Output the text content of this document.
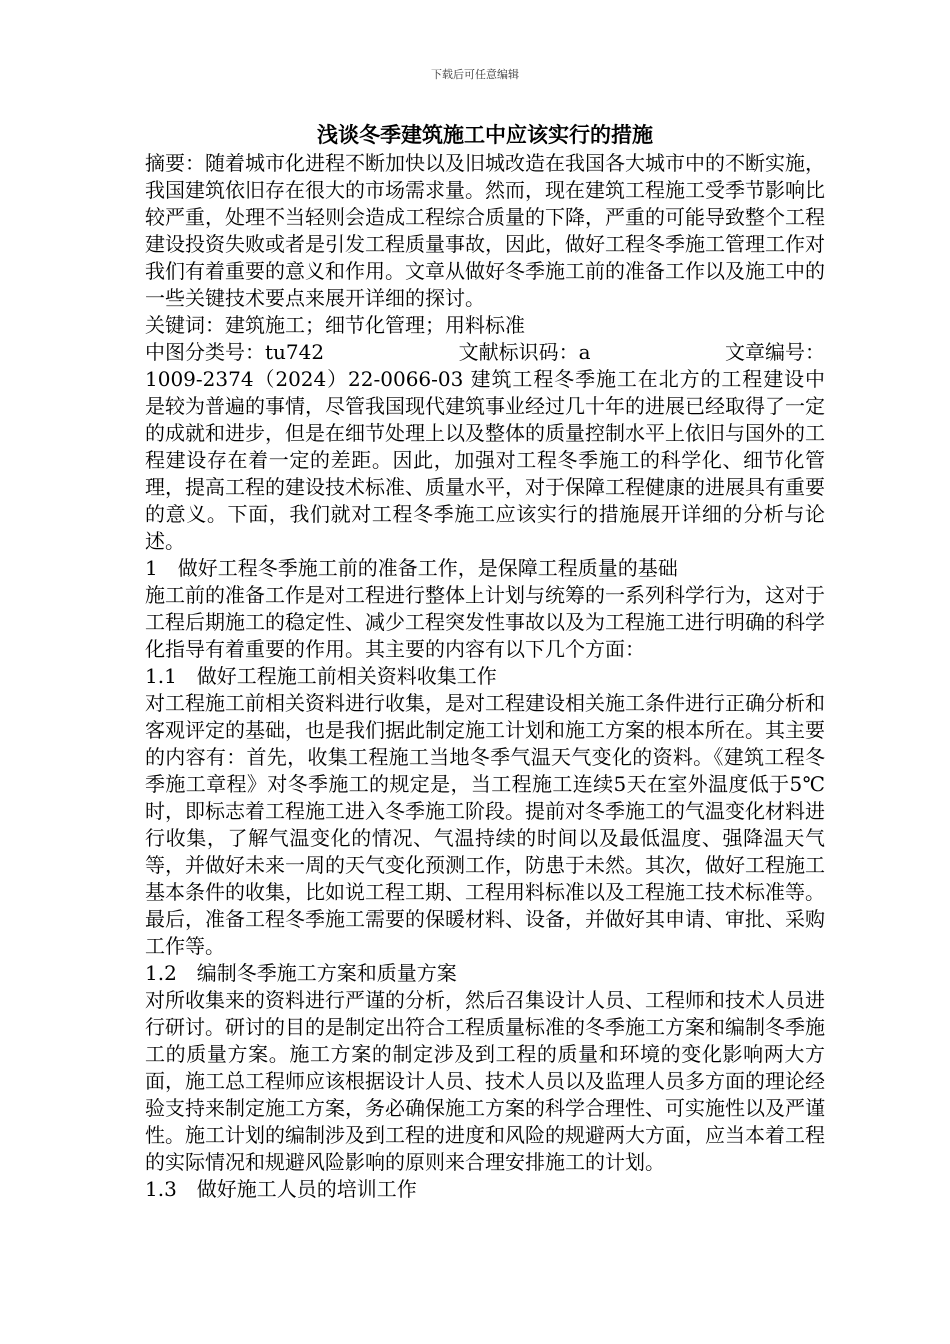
下载后可任意编辑
浅谈冬季建筑施工中应该实行的措施

摘要：随着城市化进程不断加快以及旧城改造在我国各大城市中的不断实施，我国建筑依旧存在很大的市场需求量。然而，现在建筑工程施工受季节影响比较严重，处理不当轻则会造成工程综合质量的下降，严重的可能导致整个工程建设投资失败或者是引发工程质量事故，因此，做好工程冬季施工管理工作对我们有着重要的意义和作用。文章从做好冬季施工前的准备工作以及施工中的一些关键技术要点来展开详细的探讨。

关键词：建筑施工；细节化管理；用料标准

中图分类号：tu742	文献标识码：a	文章编号：

1009-2374（2024）22-0066-03 建筑工程冬季施工在北方的工程建设中是较为普遍的事情，尽管我国现代建筑事业经过几十年的进展已经取得了一定的成就和进步，但是在细节处理上以及整体的质量控制水平上依旧与国外的工程建设存在着一定的差距。因此，加强对工程冬季施工的科学化、细节化管理，提高工程的建设技术标准、质量水平，对于保障工程健康的进展具有重要的意义。下面，我们就对工程冬季施工应该实行的措施展开详细的分析与论述。

1　做好工程冬季施工前的准备工作，是保障工程质量的基础

施工前的准备工作是对工程进行整体上计划与统筹的一系列科学行为，这对于工程后期施工的稳定性、减少工程突发性事故以及为工程施工进行明确的科学化指导有着重要的作用。其主要的内容有以下几个方面：

1.1　做好工程施工前相关资料收集工作

对工程施工前相关资料进行收集，是对工程建设相关施工条件进行正确分析和客观评定的基础，也是我们据此制定施工计划和施工方案的根本所在。其主要的内容有：首先，收集工程施工当地冬季气温天气变化的资料。《建筑工程冬季施工章程》对冬季施工的规定是，当工程施工连续5天在室外温度低于5℃时，即标志着工程施工进入冬季施工阶段。提前对冬季施工的气温变化材料进行收集，了解气温变化的情况、气温持续的时间以及最低温度、强降温天气等，并做好未来一周的天气变化预测工作，防患于未然。其次，做好工程施工基本条件的收集，比如说工程工期、工程用料标准以及工程施工技术标准等。最后，准备工程冬季施工需要的保暖材料、设备，并做好其申请、审批、采购工作等。

1.2　编制冬季施工方案和质量方案

对所收集来的资料进行严谨的分析，然后召集设计人员、工程师和技术人员进行研讨。研讨的目的是制定出符合工程质量标准的冬季施工方案和编制冬季施工的质量方案。施工方案的制定涉及到工程的质量和环境的变化影响两大方面，施工总工程师应该根据设计人员、技术人员以及监理人员多方面的理论经验支持来制定施工方案，务必确保施工方案的科学合理性、可实施性以及严谨性。施工计划的编制涉及到工程的进度和风险的规避两大方面，应当本着工程的实际情况和规避风险影响的原则来合理安排施工的计划。

1.3　做好施工人员的培训工作
